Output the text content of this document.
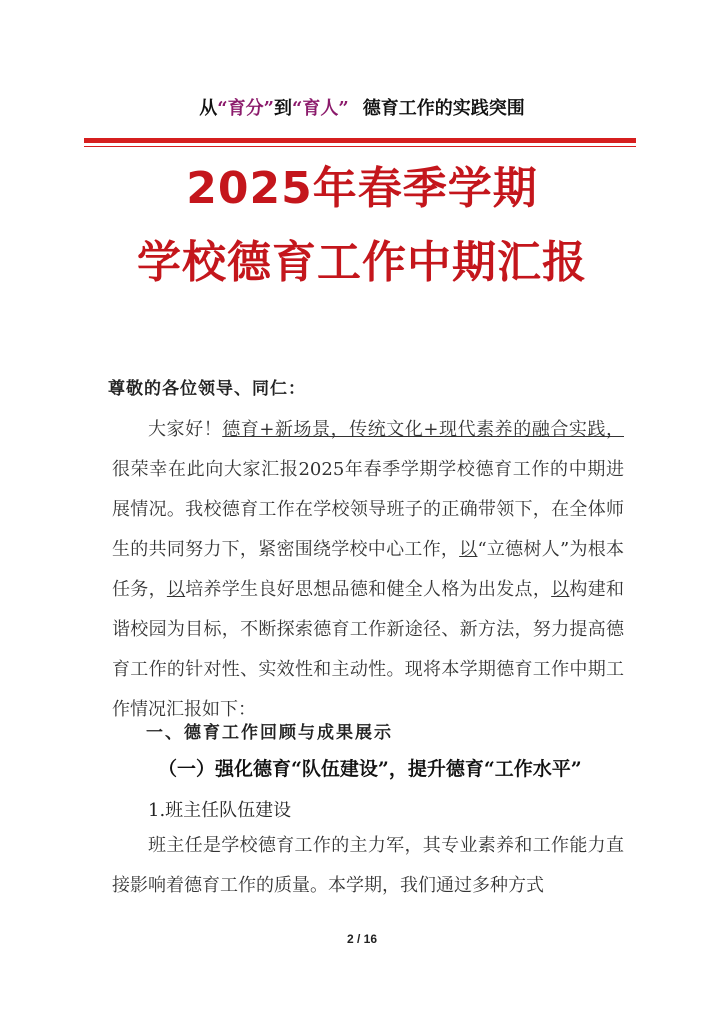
从“育分”到“育人” 德育工作的实践突围
2025年春季学期
学校德育工作中期汇报
尊敬的各位领导、同仁：

大家好！德育+新场景，传统文化+现代素养的融合实践，很荣幸在此向大家汇报2025年春季学期学校德育工作的中期进展情况。我校德育工作在学校领导班子的正确带领下，在全体师生的共同努力下，紧密围绕学校中心工作，以“立德树人”为根本任务，以培养学生良好思想品德和健全人格为出发点，以构建和谐校园为目标，不断探索德育工作新途径、新方法，努力提高德育工作的针对性、实效性和主动性。现将本学期德育工作中期工作情况汇报如下：

一、德育工作回顾与成果展示
（一）强化德育“队伍建设”，提升德育“工作水平”
1.班主任队伍建设

班主任是学校德育工作的主力军，其专业素养和工作能力直接影响着德育工作的质量。本学期，我们通过多种方式

2 / 16
